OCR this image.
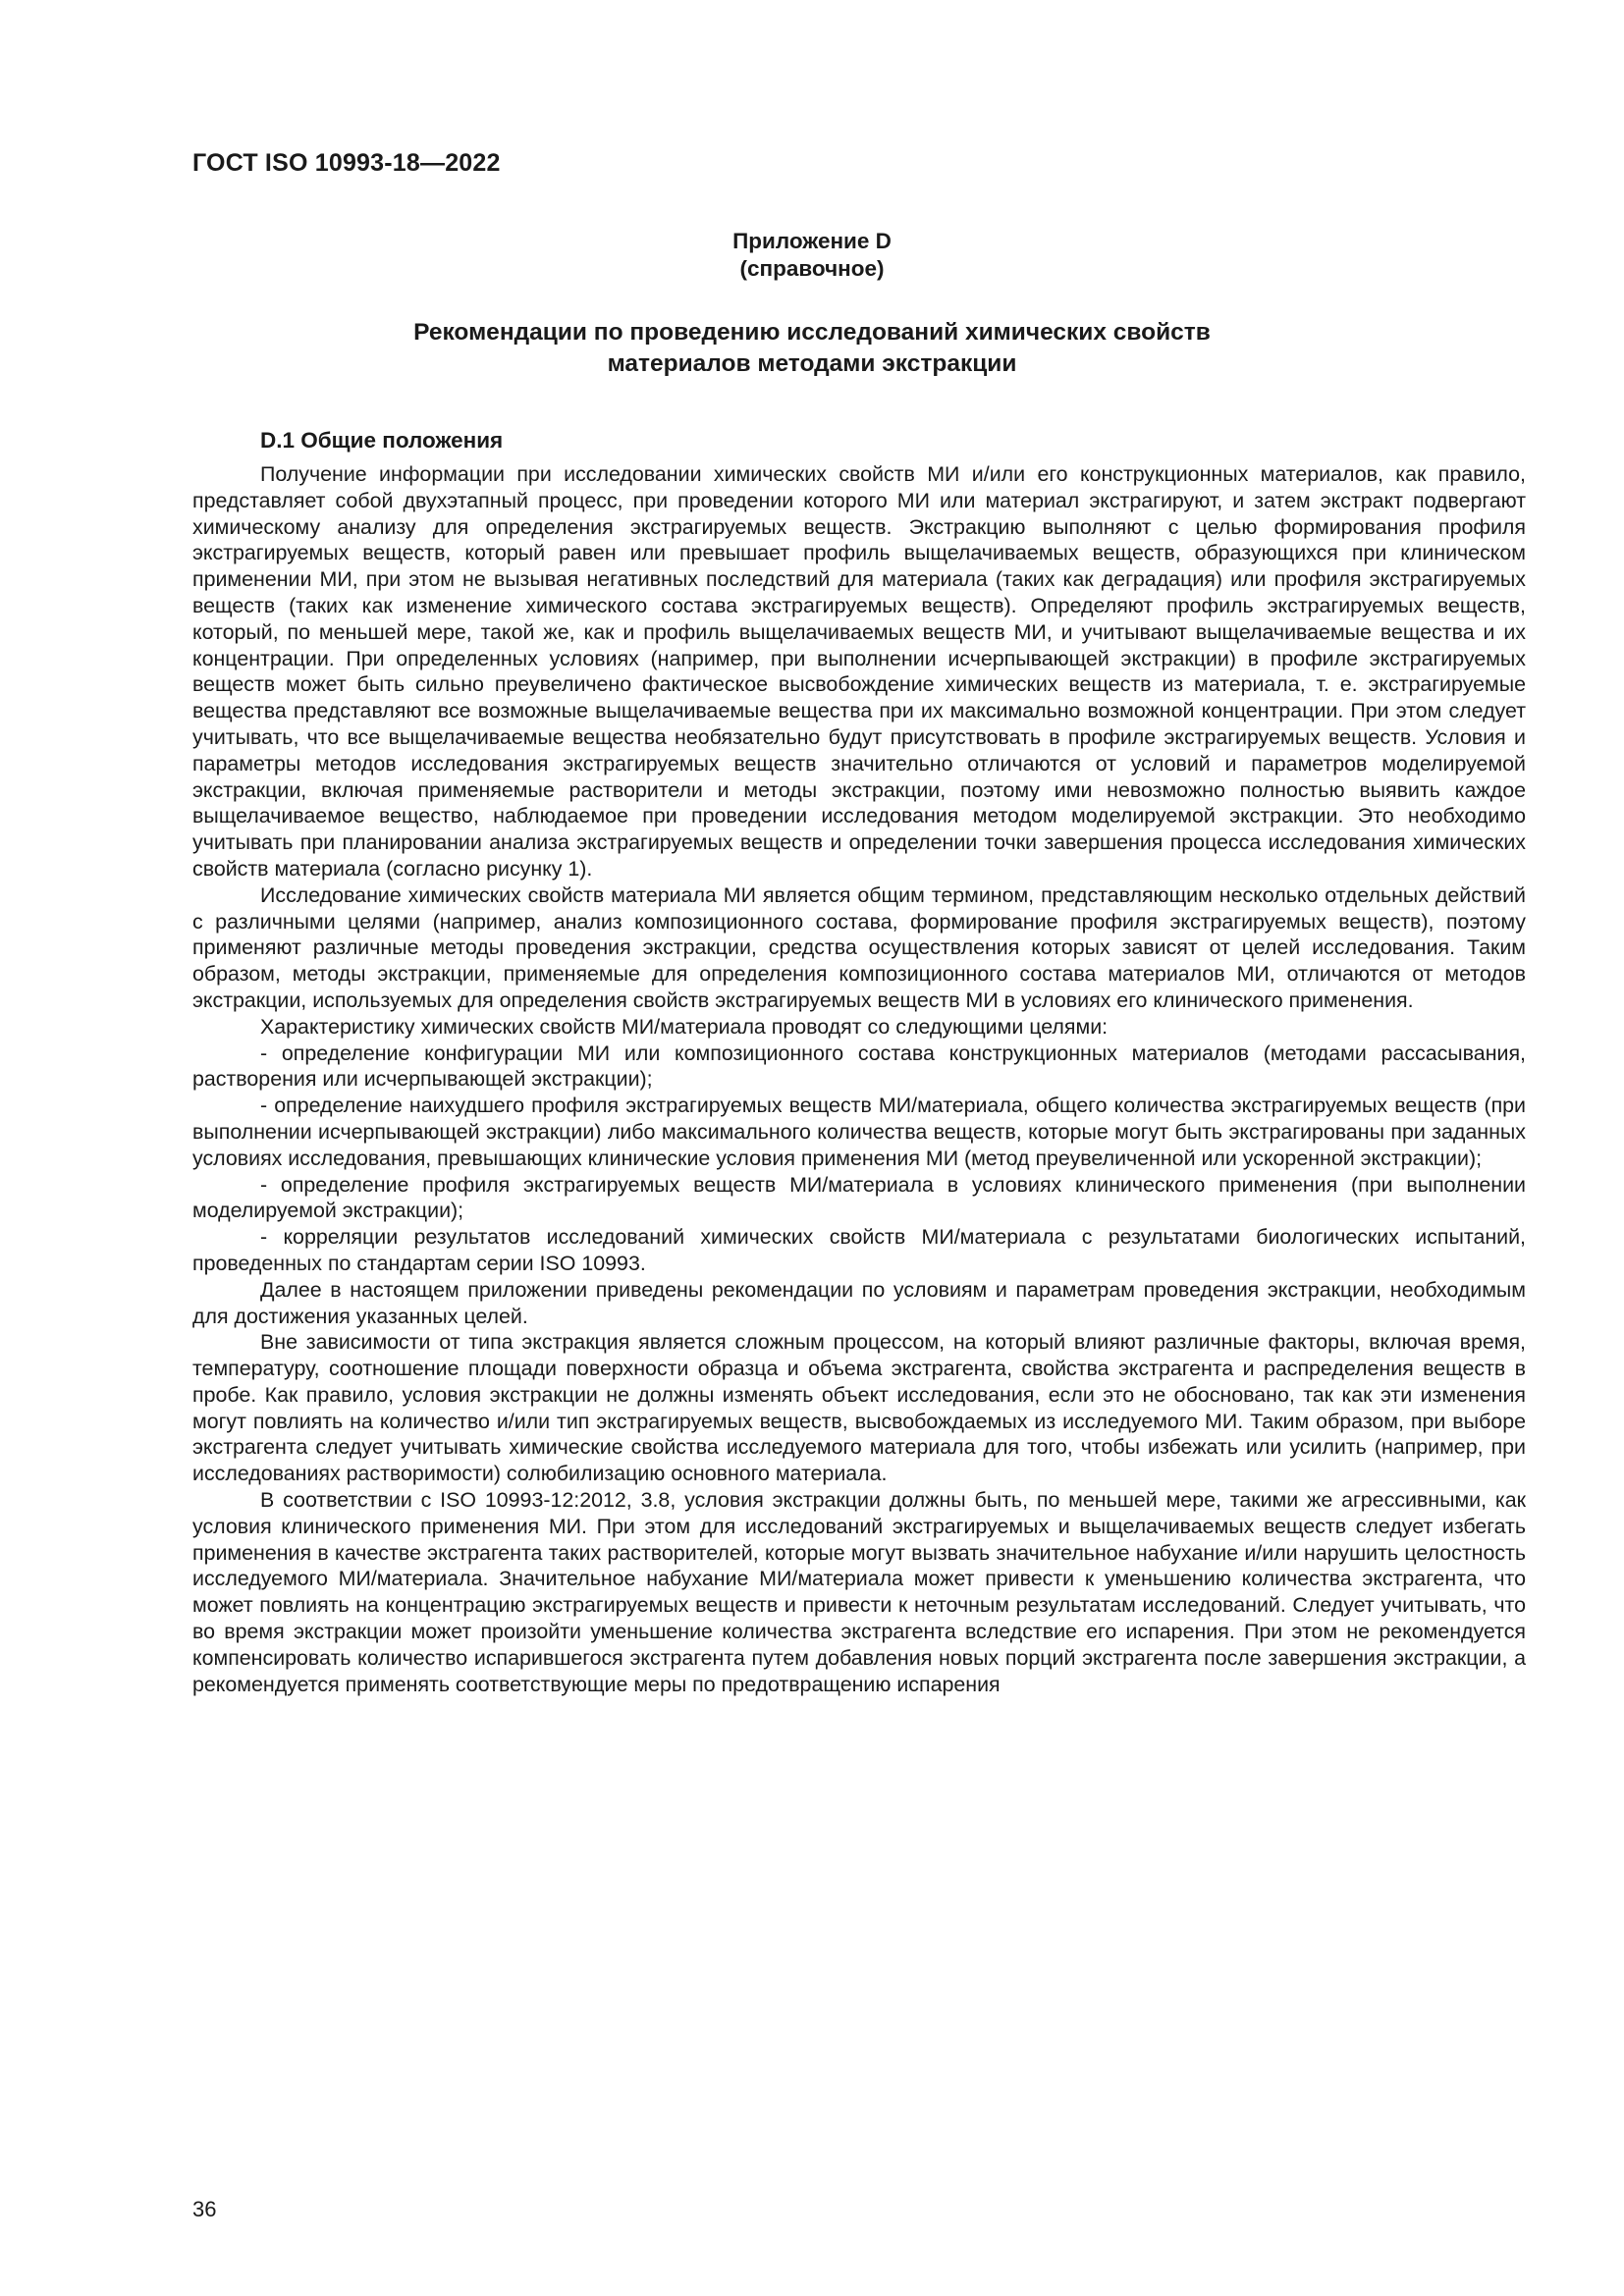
ГОСТ ISO 10993-18—2022
Приложение D
(справочное)
Рекомендации по проведению исследований химических свойств
материалов методами экстракции
D.1 Общие положения

Получение информации при исследовании химических свойств МИ и/или его конструкционных материалов, как правило, представляет собой двухэтапный процесс, при проведении которого МИ или материал экстрагируют, и затем экстракт подвергают химическому анализу для определения экстрагируемых веществ. Экстракцию выполняют с целью формирования профиля экстрагируемых веществ, который равен или превышает профиль выщелачиваемых веществ, образующихся при клиническом применении МИ, при этом не вызывая негативных последствий для материала (таких как деградация) или профиля экстрагируемых веществ (таких как изменение химического состава экстрагируемых веществ). Определяют профиль экстрагируемых веществ, который, по меньшей мере, такой же, как и профиль выщелачиваемых веществ МИ, и учитывают выщелачиваемые вещества и их концентрации. При определенных условиях (например, при выполнении исчерпывающей экстракции) в профиле экстрагируемых веществ может быть сильно преувеличено фактическое высвобождение химических веществ из материала, т. е. экстрагируемые вещества представляют все возможные выщелачиваемые вещества при их максимально возможной концентрации. При этом следует учитывать, что все выщелачиваемые вещества необязательно будут присутствовать в профиле экстрагируемых веществ. Условия и параметры методов исследования экстрагируемых веществ значительно отличаются от условий и параметров моделируемой экстракции, включая применяемые растворители и методы экстракции, поэтому ими невозможно полностью выявить каждое выщелачиваемое вещество, наблюдаемое при проведении исследования методом моделируемой экстракции. Это необходимо учитывать при планировании анализа экстрагируемых веществ и определении точки завершения процесса исследования химических свойств материала (согласно рисунку 1).

Исследование химических свойств материала МИ является общим термином, представляющим несколько отдельных действий с различными целями (например, анализ композиционного состава, формирование профиля экстрагируемых веществ), поэтому применяют различные методы проведения экстракции, средства осуществления которых зависят от целей исследования. Таким образом, методы экстракции, применяемые для определения композиционного состава материалов МИ, отличаются от методов экстракции, используемых для определения свойств экстрагируемых веществ МИ в условиях его клинического применения.

Характеристику химических свойств МИ/материала проводят со следующими целями:

- определение конфигурации МИ или композиционного состава конструкционных материалов (методами рассасывания, растворения или исчерпывающей экстракции);

- определение наихудшего профиля экстрагируемых веществ МИ/материала, общего количества экстрагируемых веществ (при выполнении исчерпывающей экстракции) либо максимального количества веществ, которые могут быть экстрагированы при заданных условиях исследования, превышающих клинические условия применения МИ (метод преувеличенной или ускоренной экстракции);

- определение профиля экстрагируемых веществ МИ/материала в условиях клинического применения (при выполнении моделируемой экстракции);

- корреляции результатов исследований химических свойств МИ/материала с результатами биологических испытаний, проведенных по стандартам серии ISO 10993.

Далее в настоящем приложении приведены рекомендации по условиям и параметрам проведения экстракции, необходимым для достижения указанных целей.

Вне зависимости от типа экстракция является сложным процессом, на который влияют различные факторы, включая время, температуру, соотношение площади поверхности образца и объема экстрагента, свойства экстрагента и распределения веществ в пробе. Как правило, условия экстракции не должны изменять объект исследования, если это не обосновано, так как эти изменения могут повлиять на количество и/или тип экстрагируемых веществ, высвобождаемых из исследуемого МИ. Таким образом, при выборе экстрагента следует учитывать химические свойства исследуемого материала для того, чтобы избежать или усилить (например, при исследованиях растворимости) солюбилизацию основного материала.

В соответствии с ISO 10993-12:2012, 3.8, условия экстракции должны быть, по меньшей мере, такими же агрессивными, как условия клинического применения МИ. При этом для исследований экстрагируемых и выщелачиваемых веществ следует избегать применения в качестве экстрагента таких растворителей, которые могут вызвать значительное набухание и/или нарушить целостность исследуемого МИ/материала. Значительное набухание МИ/материала может привести к уменьшению количества экстрагента, что может повлиять на концентрацию экстрагируемых веществ и привести к неточным результатам исследований. Следует учитывать, что во время экстракции может произойти уменьшение количества экстрагента вследствие его испарения. При этом не рекомендуется компенсировать количество испарившегося экстрагента путем добавления новых порций экстрагента после завершения экстракции, а рекомендуется применять соответствующие меры по предотвращению испарения

36
